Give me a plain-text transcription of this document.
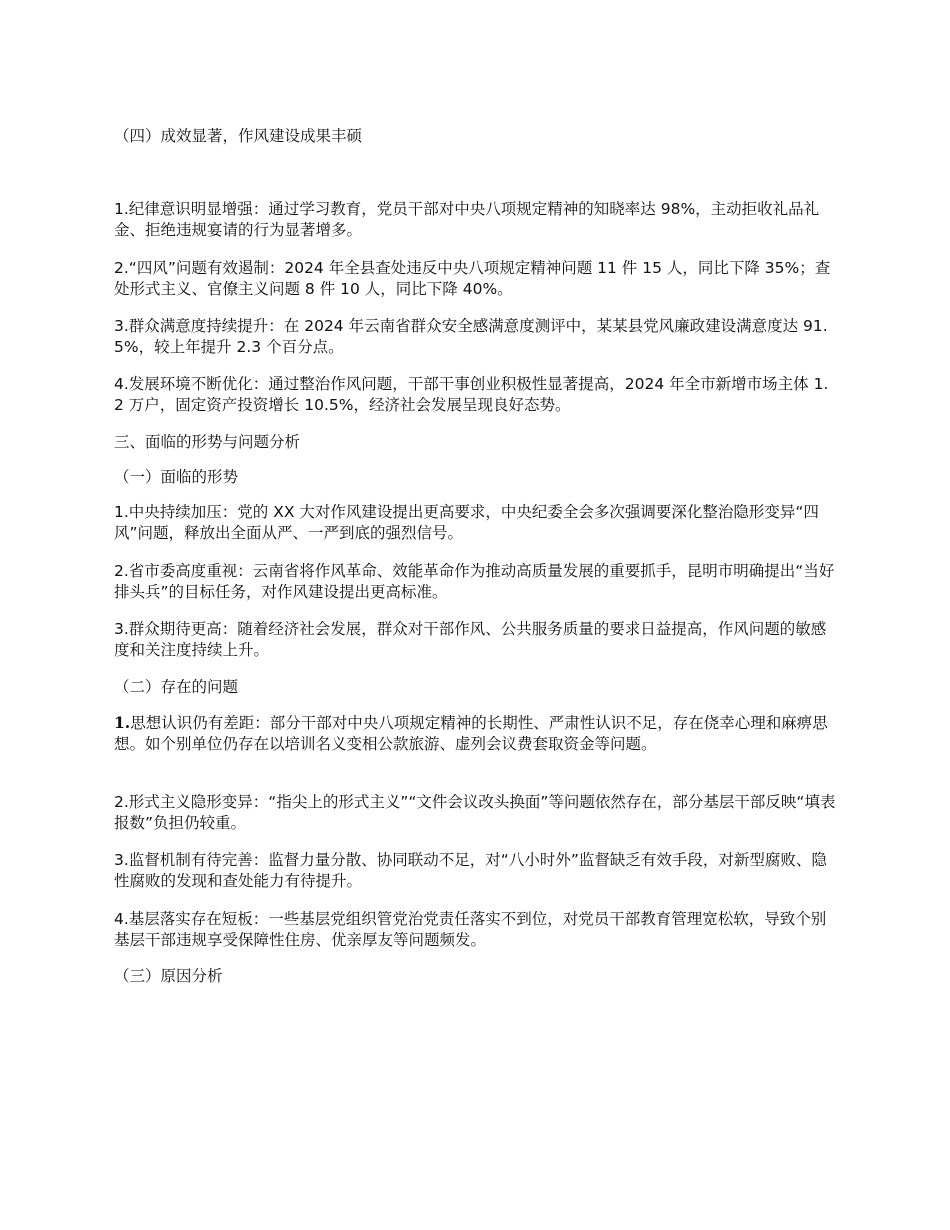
（四）成效显著，作风建设成果丰硕

1.纪律意识明显增强：通过学习教育，党员干部对中央八项规定精神的知晓率达 98%，主动拒收礼品礼金、拒绝违规宴请的行为显著增多。

2.“四风”问题有效遏制：2024 年全县查处违反中央八项规定精神问题 11 件 15 人，同比下降 35%；查处形式主义、官僚主义问题 8 件 10 人，同比下降 40%。

3.群众满意度持续提升：在 2024 年云南省群众安全感满意度测评中，某某县党风廉政建设满意度达 91.5%，较上年提升 2.3 个百分点。

4.发展环境不断优化：通过整治作风问题，干部干事创业积极性显著提高，2024 年全市新增市场主体 1.2 万户，固定资产投资增长 10.5%，经济社会发展呈现良好态势。

三、面临的形势与问题分析

（一）面临的形势

1.中央持续加压：党的 XX 大对作风建设提出更高要求，中央纪委全会多次强调要深化整治隐形变异“四风”问题，释放出全面从严、一严到底的强烈信号。

2.省市委高度重视：云南省将作风革命、效能革命作为推动高质量发展的重要抓手，昆明市明确提出“当好排头兵”的目标任务，对作风建设提出更高标准。

3.群众期待更高：随着经济社会发展，群众对干部作风、公共服务质量的要求日益提高，作风问题的敏感度和关注度持续上升。

（二）存在的问题

1.思想认识仍有差距：部分干部对中央八项规定精神的长期性、严肃性认识不足，存在侥幸心理和麻痹思想。如个别单位仍存在以培训名义变相公款旅游、虚列会议费套取资金等问题。

2.形式主义隐形变异：“指尖上的形式主义”“文件会议改头换面”等问题依然存在，部分基层干部反映“填表报数”负担仍较重。

3.监督机制有待完善：监督力量分散、协同联动不足，对“八小时外”监督缺乏有效手段，对新型腐败、隐性腐败的发现和查处能力有待提升。

4.基层落实存在短板：一些基层党组织管党治党责任落实不到位，对党员干部教育管理宽松软，导致个别基层干部违规享受保障性住房、优亲厚友等问题频发。

（三）原因分析
